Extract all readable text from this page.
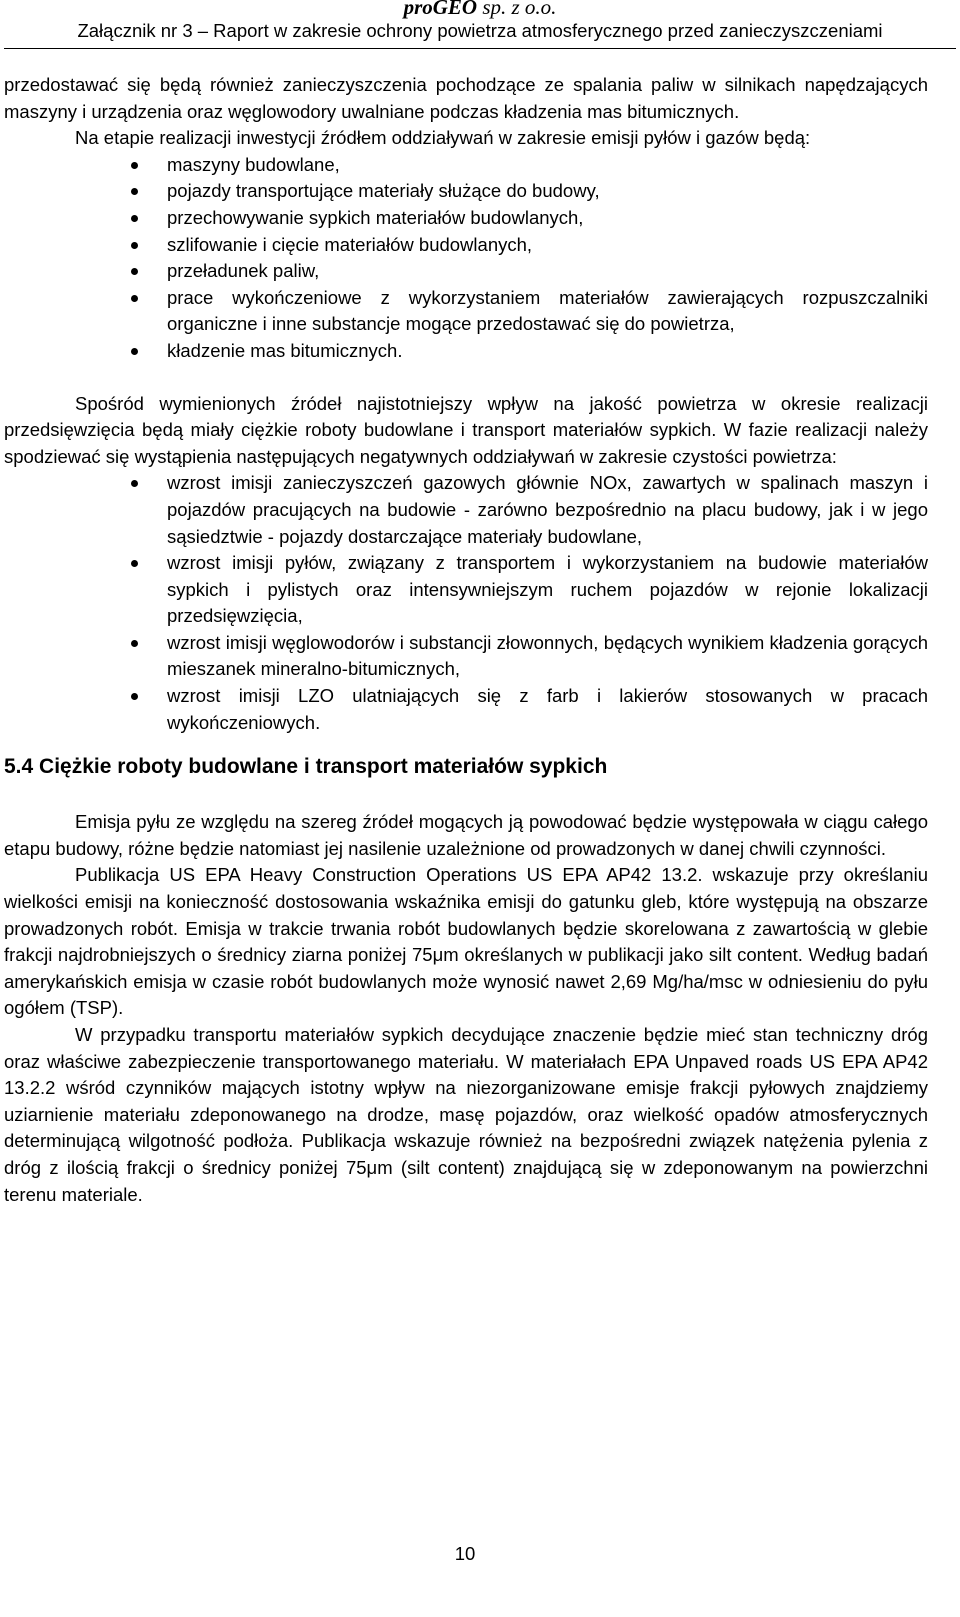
proGEO sp. z o.o.
Załącznik nr 3 – Raport w zakresie ochrony powietrza atmosferycznego przed zanieczyszczeniami

przedostawać się będą również zanieczyszczenia pochodzące ze spalania paliw w silnikach napędzających maszyny i urządzenia oraz węglowodory uwalniane podczas kładzenia mas bitumicznych.

Na etapie realizacji inwestycji źródłem oddziaływań w zakresie emisji pyłów i gazów będą:

maszyny budowlane,
pojazdy transportujące materiały służące do budowy,
przechowywanie sypkich materiałów budowlanych,
szlifowanie i cięcie materiałów budowlanych,
przeładunek paliw,
prace wykończeniowe z wykorzystaniem materiałów zawierających rozpuszczalniki organiczne i inne substancje mogące przedostawać się do powietrza,
kładzenie mas bitumicznych.

Spośród wymienionych źródeł najistotniejszy wpływ na jakość powietrza w okresie realizacji przedsięwzięcia będą miały ciężkie roboty budowlane i transport materiałów sypkich. W fazie realizacji należy spodziewać się wystąpienia następujących negatywnych oddziaływań w zakresie czystości powietrza:

wzrost imisji zanieczyszczeń gazowych głównie NOx, zawartych w spalinach maszyn i pojazdów pracujących na budowie - zarówno bezpośrednio na placu budowy, jak i w jego sąsiedztwie - pojazdy dostarczające materiały budowlane,
wzrost imisji pyłów, związany z transportem i wykorzystaniem na budowie materiałów sypkich i pylistych oraz intensywniejszym ruchem pojazdów w rejonie lokalizacji przedsięwzięcia,
wzrost imisji węglowodorów i substancji złowonnych, będących wynikiem kładzenia gorących mieszanek mineralno-bitumicznych,
wzrost imisji LZO ulatniających się z farb i lakierów stosowanych w pracach wykończeniowych.
5.4 Ciężkie roboty budowlane i transport materiałów sypkich

Emisja pyłu ze względu na szereg źródeł mogących ją powodować będzie występowała w ciągu całego etapu budowy, różne będzie natomiast jej nasilenie uzależnione od prowadzonych w danej chwili czynności.

Publikacja US EPA Heavy Construction Operations US EPA AP42 13.2. wskazuje przy określaniu wielkości emisji na konieczność dostosowania wskaźnika emisji do gatunku gleb, które występują na obszarze prowadzonych robót. Emisja w trakcie trwania robót budowlanych będzie skorelowana z zawartością w glebie frakcji najdrobniejszych o średnicy ziarna poniżej 75μm określanych w publikacji jako silt content. Według badań amerykańskich emisja w czasie robót budowlanych może wynosić nawet 2,69 Mg/ha/msc w odniesieniu do pyłu ogółem (TSP).

W przypadku transportu materiałów sypkich decydujące znaczenie będzie mieć stan techniczny dróg oraz właściwe zabezpieczenie transportowanego materiału. W materiałach EPA Unpaved roads US EPA AP42 13.2.2 wśród czynników mających istotny wpływ na niezorganizowane emisje frakcji pyłowych znajdziemy uziarnienie materiału zdeponowanego na drodze, masę pojazdów, oraz wielkość opadów atmosferycznych determinującą wilgotność podłoża. Publikacja wskazuje również na bezpośredni związek natężenia pylenia z dróg z ilością frakcji o średnicy poniżej 75μm (silt content) znajdującą się w zdeponowanym na powierzchni terenu materiale.

10
